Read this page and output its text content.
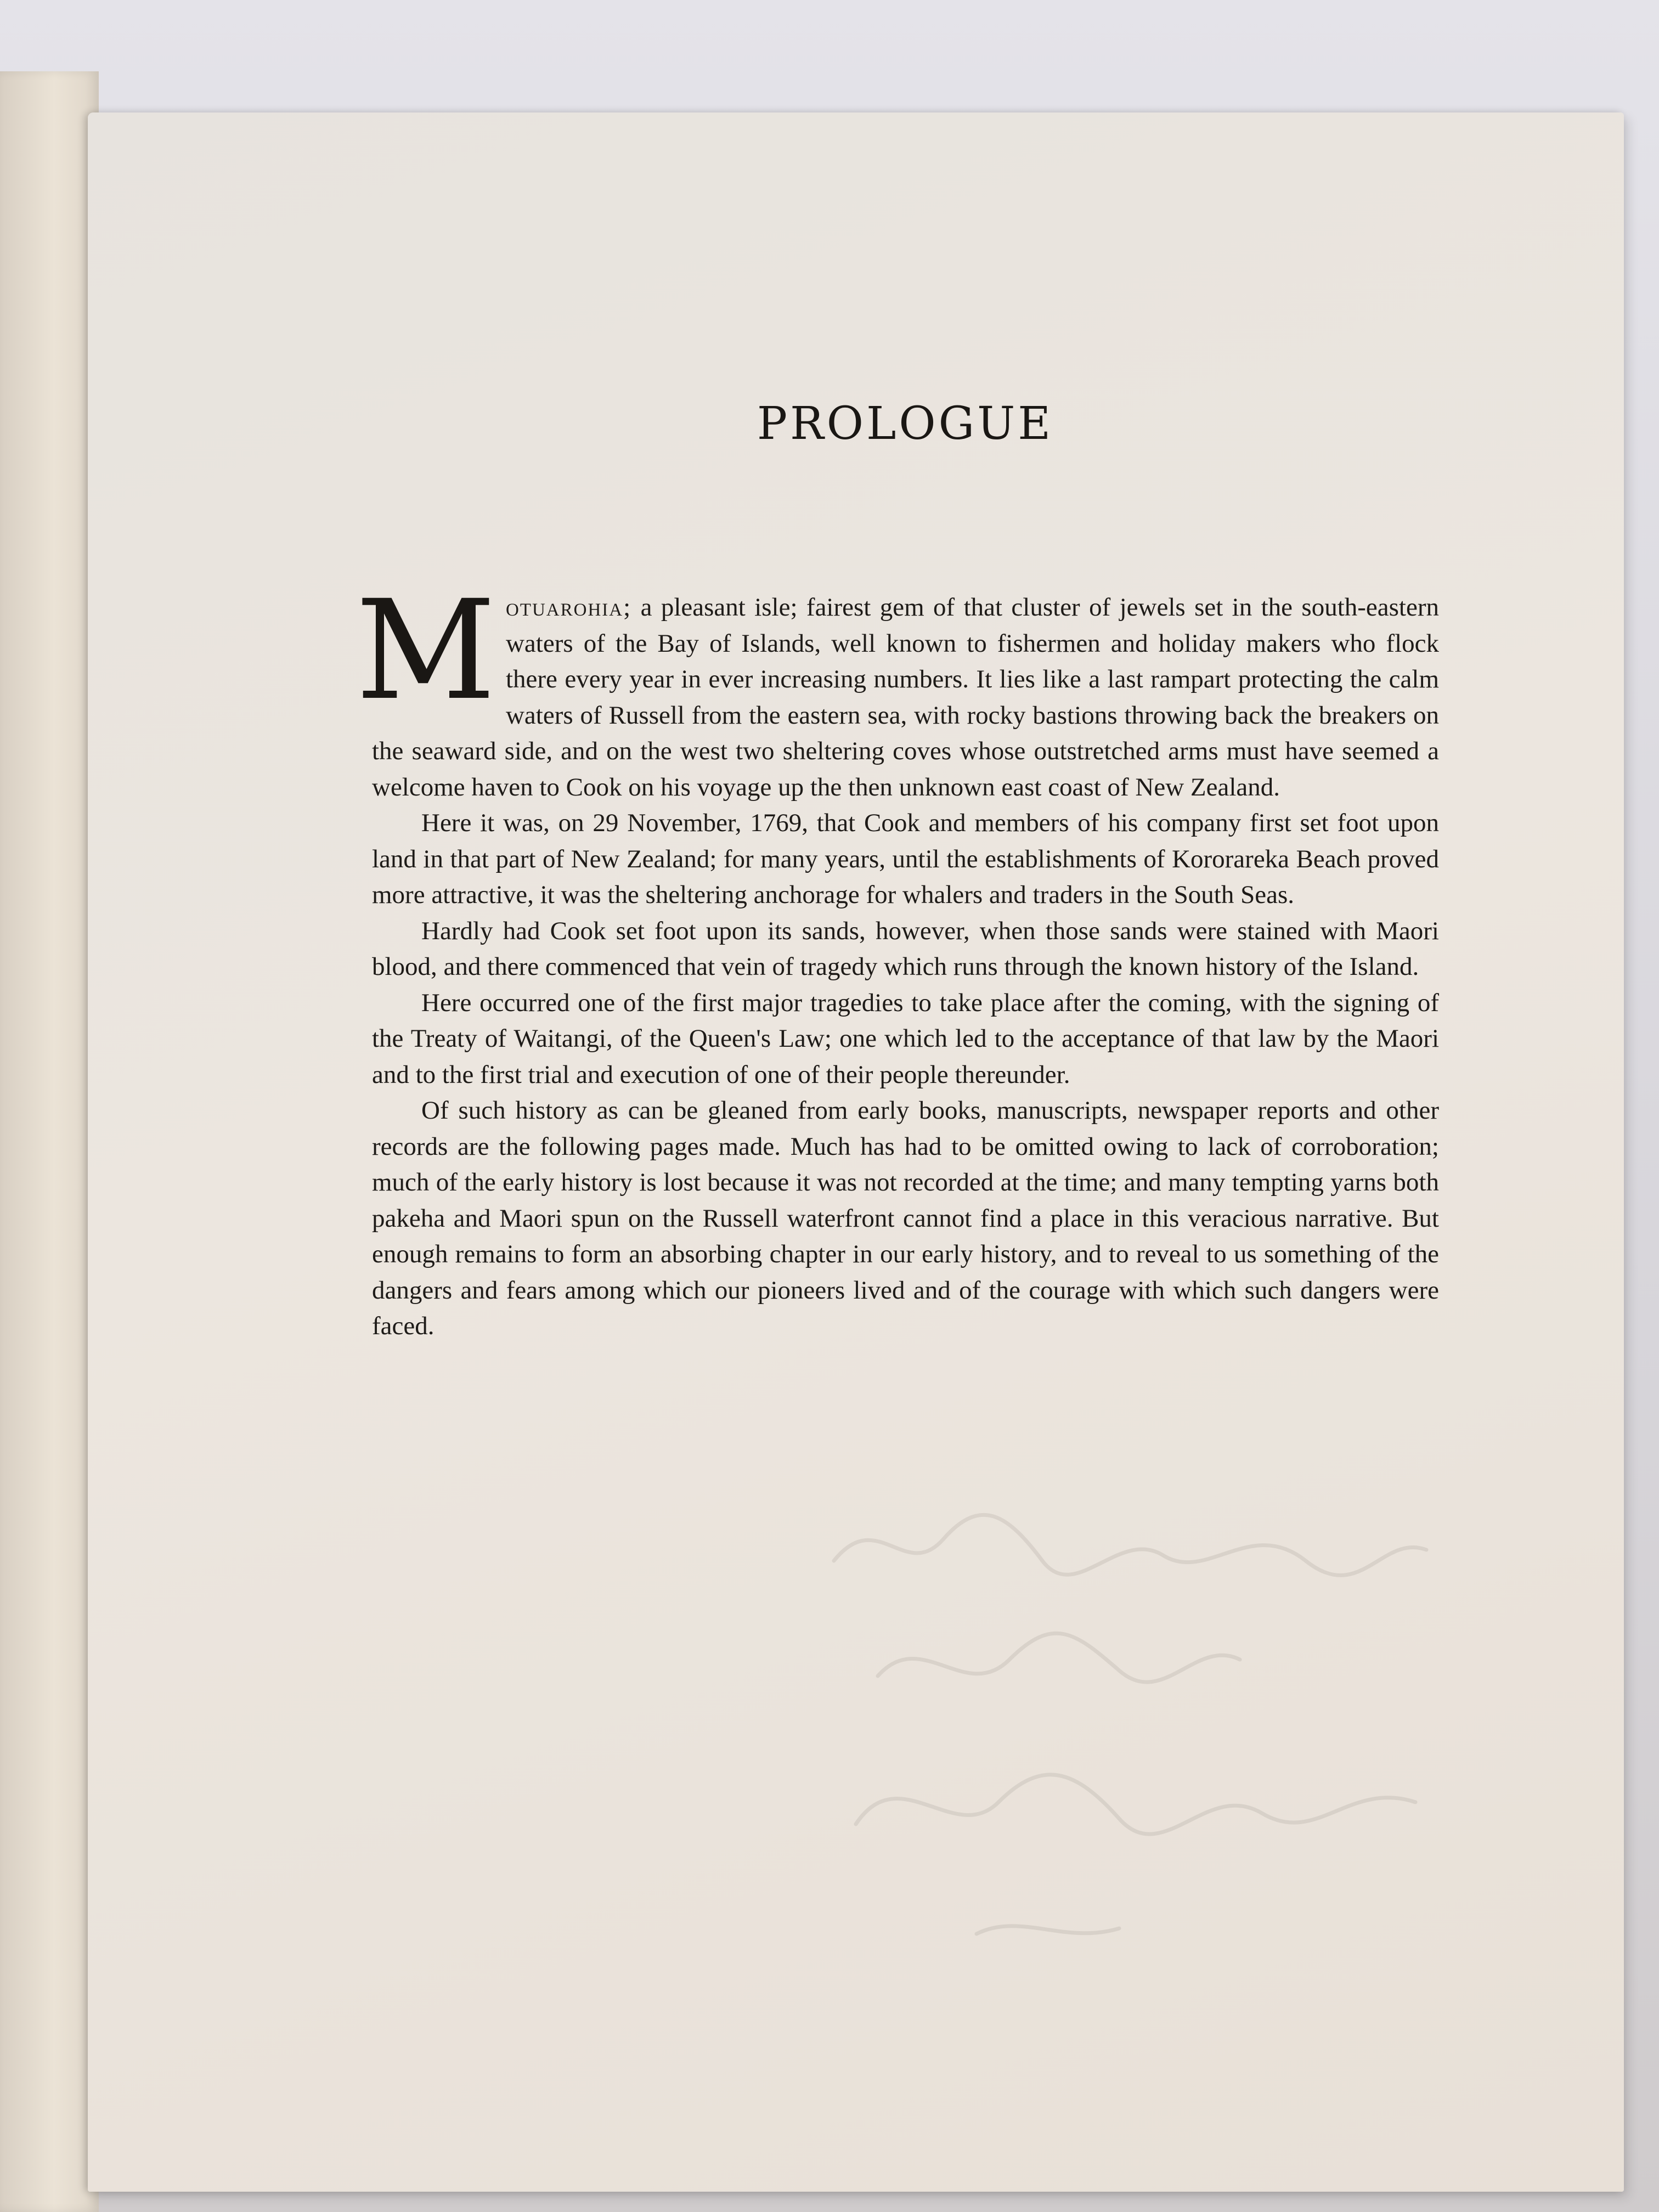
PROLOGUE

Motuarohia; a pleasant isle; fairest gem of that cluster of jewels set in the south-eastern waters of the Bay of Islands, well known to fishermen and holiday makers who flock there every year in ever increasing numbers. It lies like a last rampart protecting the calm waters of Russell from the eastern sea, with rocky bastions throwing back the breakers on the seaward side, and on the west two sheltering coves whose outstretched arms must have seemed a welcome haven to Cook on his voyage up the then unknown east coast of New Zealand.

Here it was, on 29 November, 1769, that Cook and members of his company first set foot upon land in that part of New Zealand; for many years, until the establishments of Kororareka Beach proved more attractive, it was the sheltering anchorage for whalers and traders in the South Seas.

Hardly had Cook set foot upon its sands, however, when those sands were stained with Maori blood, and there commenced that vein of tragedy which runs through the known history of the Island.

Here occurred one of the first major tragedies to take place after the coming, with the signing of the Treaty of Waitangi, of the Queen's Law; one which led to the acceptance of that law by the Maori and to the first trial and execution of one of their people thereunder.

Of such history as can be gleaned from early books, manuscripts, newspaper reports and other records are the following pages made. Much has had to be omitted owing to lack of corroboration; much of the early history is lost because it was not recorded at the time; and many tempting yarns both pakeha and Maori spun on the Russell waterfront cannot find a place in this veracious narrative. But enough remains to form an absorbing chapter in our early history, and to reveal to us something of the dangers and fears among which our pioneers lived and of the courage with which such dangers were faced.
